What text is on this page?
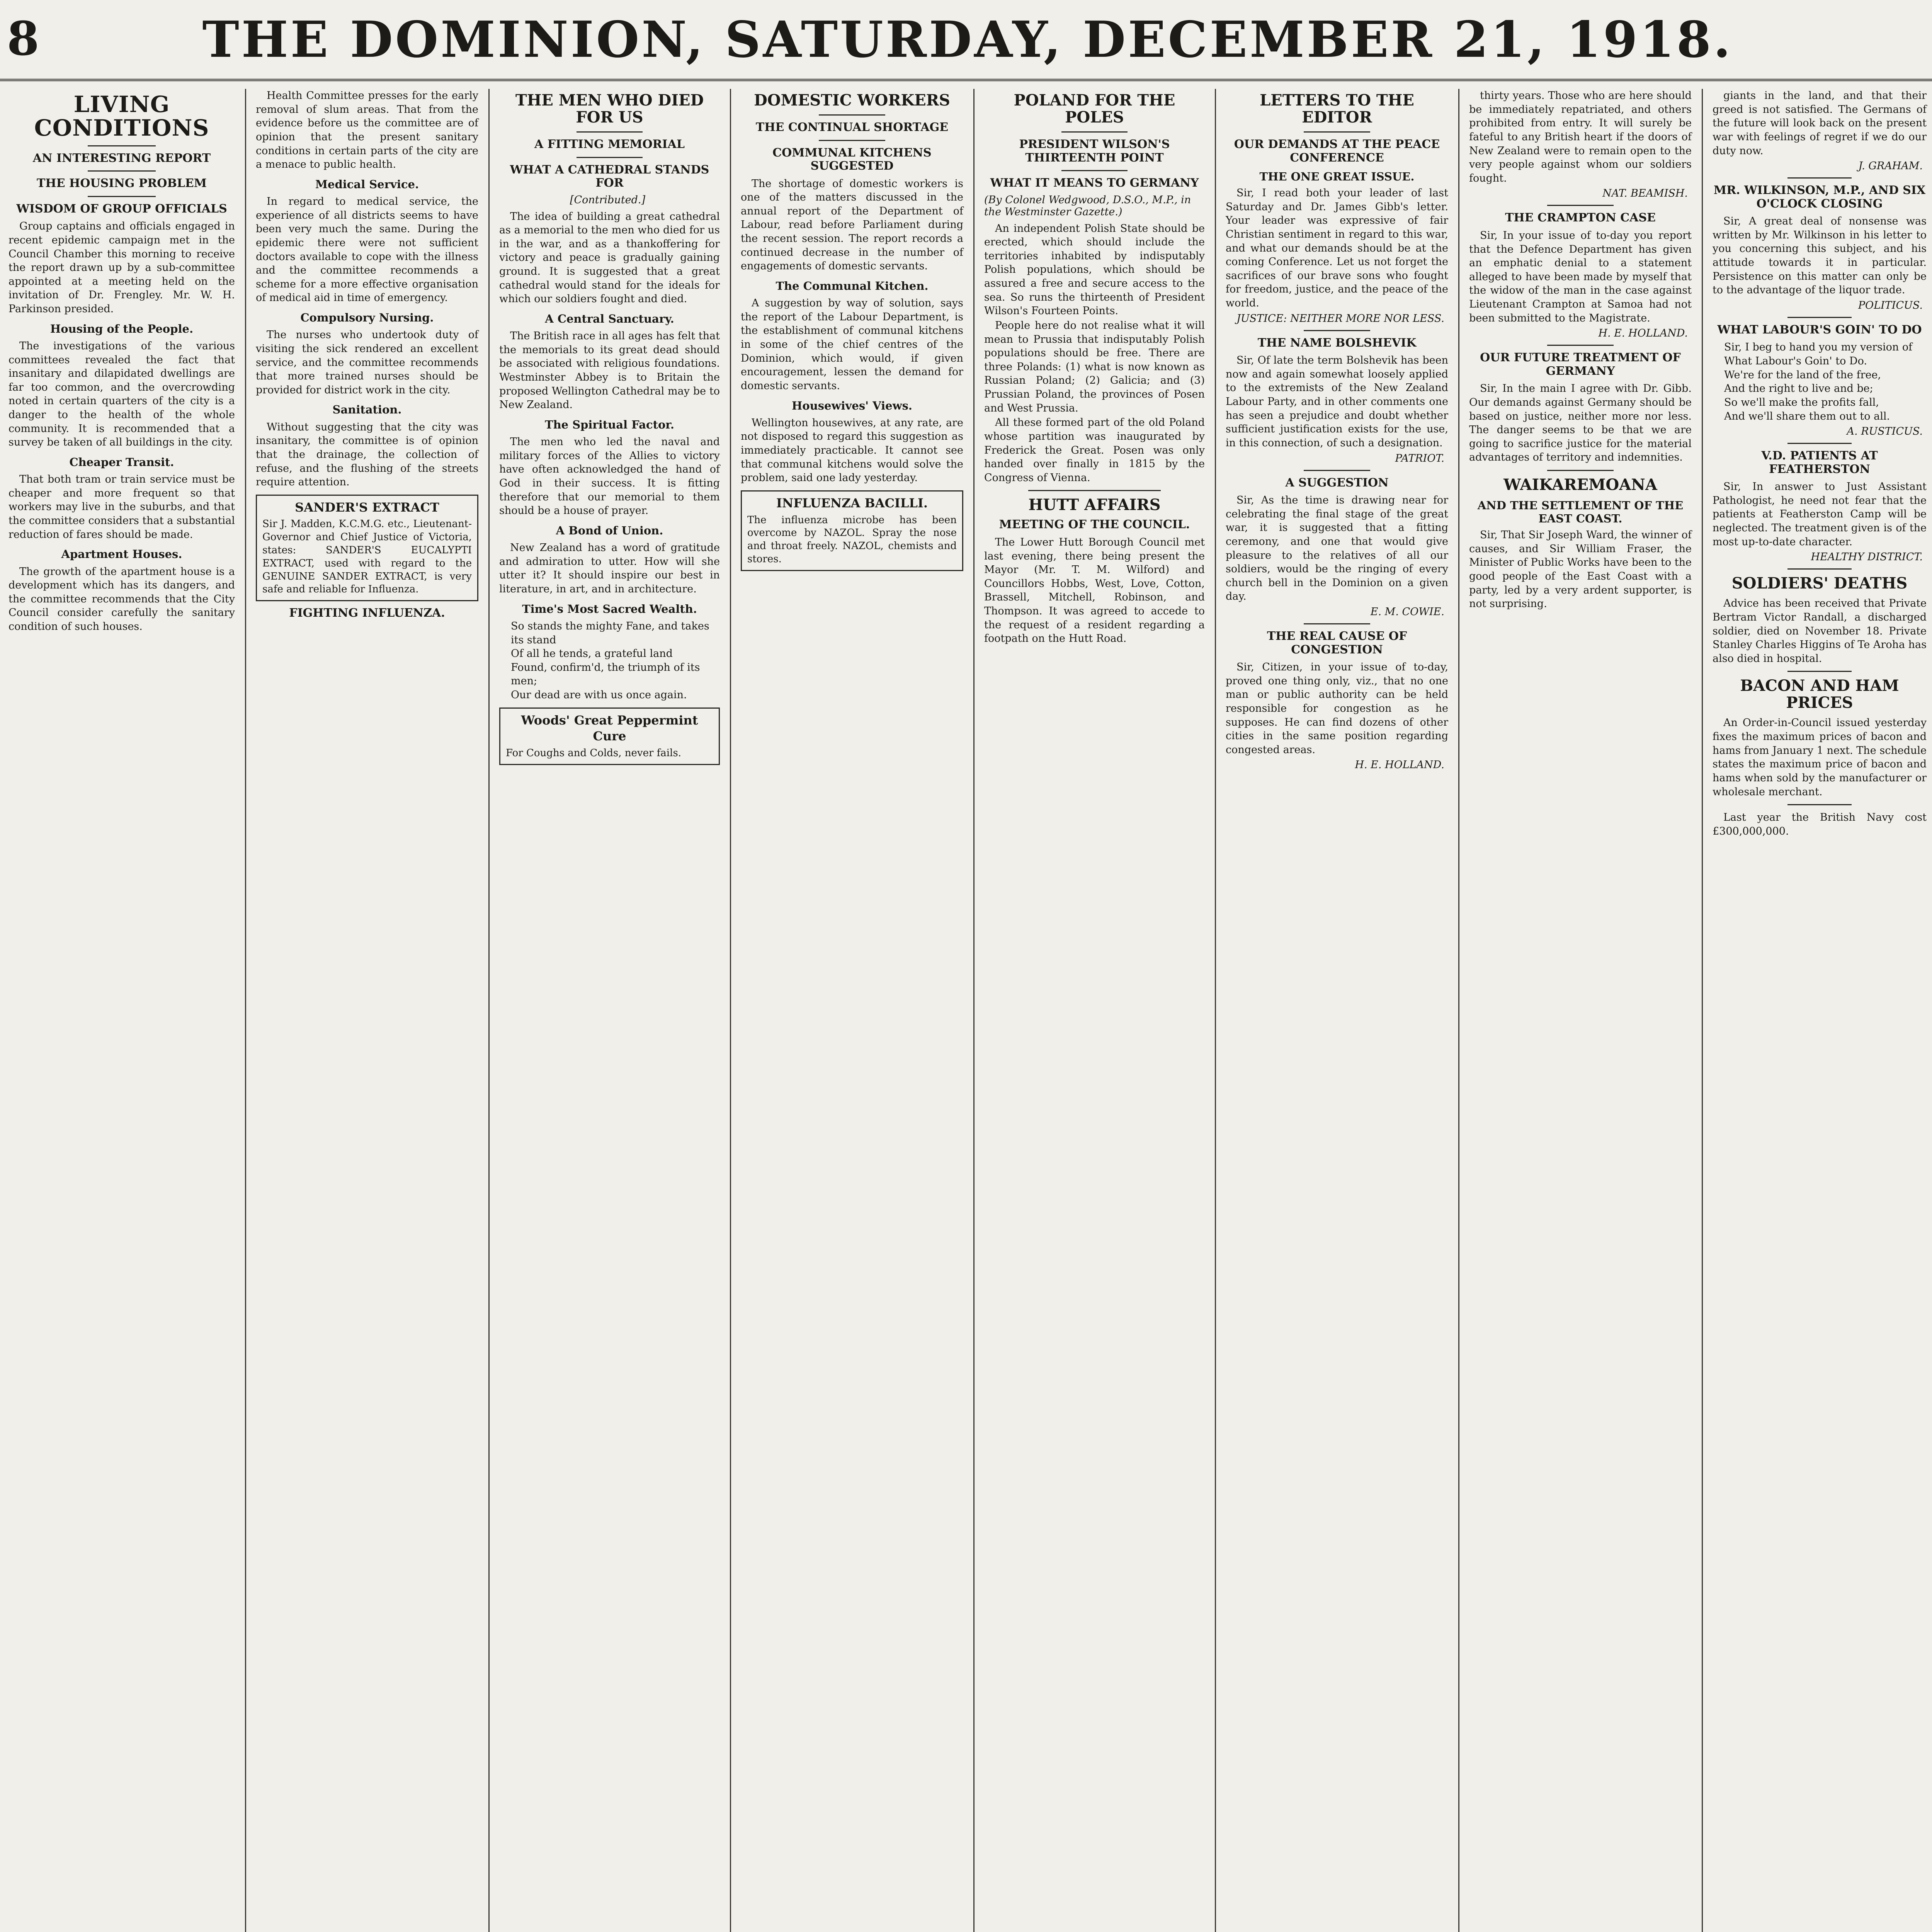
8	THE DOMINION, SATURDAY, DECEMBER 21, 1918.
LIVING CONDITIONS
AN INTERESTING REPORT
THE HOUSING PROBLEM
WISDOM OF GROUP OFFICIALS

Group captains and officials engaged in recent epidemic campaign met in the Council Chamber this morning to receive the report drawn up by a sub-committee appointed at a meeting held on the invitation of Dr. Frengley. Mr. W. H. Parkinson presided.

Housing of the People.

The investigations of the various committees revealed the fact that insanitary and dilapidated dwellings are far too common, and the overcrowding noted in certain quarters of the city is a danger to the health of the whole community. It is recommended that a survey be taken of all buildings in the city.

Cheaper Transit.

That both tram or train service must be cheaper and more frequent so that workers may live in the suburbs, and that the committee considers that a substantial reduction of fares should be made.

Apartment Houses.

The growth of the apartment house is a development which has its dangers, and the committee recommends that the City Council consider carefully the sanitary condition of such houses.

Health Committee presses for the early removal of slum areas. That from the evidence before us the committee are of opinion that the present sanitary conditions in certain parts of the city are a menace to public health.

Medical Service.

In regard to medical service, the experience of all districts seems to have been very much the same. During the epidemic there were not sufficient doctors available to cope with the illness and the committee recommends a scheme for a more effective organisation of medical aid in time of emergency.

Compulsory Nursing.

The nurses who undertook duty of visiting the sick rendered an excellent service, and the committee recommends that more trained nurses should be provided for district work in the city.

Sanitation.

Without suggesting that the city was insanitary, the committee is of opinion that the drainage, the collection of refuse, and the flushing of the streets require attention.

SANDER'S EXTRACT
Sir J. Madden, K.C.M.G. etc., Lieutenant-Governor and Chief Justice of Victoria, states: SANDER'S EUCALYPTI EXTRACT, used with regard to the GENUINE SANDER EXTRACT, is very safe and reliable for Influenza.
FIGHTING INFLUENZA.
THE MEN WHO DIED FOR US
A FITTING MEMORIAL
WHAT A CATHEDRAL STANDS FOR
[Contributed.]

The idea of building a great cathedral as a memorial to the men who died for us in the war, and as a thankoffering for victory and peace is gradually gaining ground. It is suggested that a great cathedral would stand for the ideals for which our soldiers fought and died.

A Central Sanctuary.

The British race in all ages has felt that the memorials to its great dead should be associated with religious foundations. Westminster Abbey is to Britain the proposed Wellington Cathedral may be to New Zealand.

The Spiritual Factor.

The men who led the naval and military forces of the Allies to victory have often acknowledged the hand of God in their success. It is fitting therefore that our memorial to them should be a house of prayer.

A Bond of Union.

New Zealand has a word of gratitude and admiration to utter. How will she utter it? It should inspire our best in literature, in art, and in architecture.

Time's Most Sacred Wealth.
So stands the mighty Fane, and takes its stand
Of all he tends, a grateful land
Found, confirm'd, the triumph of its men;
Our dead are with us once again.
Woods' Great Peppermint Cure
For Coughs and Colds, never fails.
DOMESTIC WORKERS
THE CONTINUAL SHORTAGE
COMMUNAL KITCHENS SUGGESTED

The shortage of domestic workers is one of the matters discussed in the annual report of the Department of Labour, read before Parliament during the recent session. The report records a continued decrease in the number of engagements of domestic servants.

The Communal Kitchen.

A suggestion by way of solution, says the report of the Labour Department, is the establishment of communal kitchens in some of the chief centres of the Dominion, which would, if given encouragement, lessen the demand for domestic servants.

Housewives' Views.

Wellington housewives, at any rate, are not disposed to regard this suggestion as immediately practicable. It cannot see that communal kitchens would solve the problem, said one lady yesterday.

INFLUENZA BACILLI.
The influenza microbe has been overcome by NAZOL. Spray the nose and throat freely. NAZOL, chemists and stores.
POLAND FOR THE POLES
PRESIDENT WILSON'S THIRTEENTH POINT
WHAT IT MEANS TO GERMANY
(By Colonel Wedgwood, D.S.O., M.P., in the Westminster Gazette.)

An independent Polish State should be erected, which should include the territories inhabited by indisputably Polish populations, which should be assured a free and secure access to the sea. So runs the thirteenth of President Wilson's Fourteen Points.

People here do not realise what it will mean to Prussia that indisputably Polish populations should be free. There are three Polands: (1) what is now known as Russian Poland; (2) Galicia; and (3) Prussian Poland, the provinces of Posen and West Prussia.

All these formed part of the old Poland whose partition was inaugurated by Frederick the Great. Posen was only handed over finally in 1815 by the Congress of Vienna.

HUTT AFFAIRS
MEETING OF THE COUNCIL.

The Lower Hutt Borough Council met last evening, there being present the Mayor (Mr. T. M. Wilford) and Councillors Hobbs, West, Love, Cotton, Brassell, Mitchell, Robinson, and Thompson. It was agreed to accede to the request of a resident regarding a footpath on the Hutt Road.

LETTERS TO THE EDITOR
OUR DEMANDS AT THE PEACE CONFERENCE
THE ONE GREAT ISSUE.

Sir, I read both your leader of last Saturday and Dr. James Gibb's letter. Your leader was expressive of fair Christian sentiment in regard to this war, and what our demands should be at the coming Conference. Let us not forget the sacrifices of our brave sons who fought for freedom, justice, and the peace of the world.

JUSTICE: NEITHER MORE NOR LESS.
THE NAME BOLSHEVIK

Sir, Of late the term Bolshevik has been now and again somewhat loosely applied to the extremists of the New Zealand Labour Party, and in other comments one has seen a prejudice and doubt whether sufficient justification exists for the use, in this connection, of such a designation.

PATRIOT.
A SUGGESTION

Sir, As the time is drawing near for celebrating the final stage of the great war, it is suggested that a fitting ceremony, and one that would give pleasure to the relatives of all our soldiers, would be the ringing of every church bell in the Dominion on a given day.

E. M. COWIE.
THE REAL CAUSE OF CONGESTION

Sir, Citizen, in your issue of to-day, proved one thing only, viz., that no one man or public authority can be held responsible for congestion as he supposes. He can find dozens of other cities in the same position regarding congested areas.

H. E. HOLLAND.

thirty years. Those who are here should be immediately repatriated, and others prohibited from entry. It will surely be fateful to any British heart if the doors of New Zealand were to remain open to the very people against whom our soldiers fought.

NAT. BEAMISH.
THE CRAMPTON CASE

Sir, In your issue of to-day you report that the Defence Department has given an emphatic denial to a statement alleged to have been made by myself that the widow of the man in the case against Lieutenant Crampton at Samoa had not been submitted to the Magistrate.

H. E. HOLLAND.
OUR FUTURE TREATMENT OF GERMANY

Sir, In the main I agree with Dr. Gibb. Our demands against Germany should be based on justice, neither more nor less. The danger seems to be that we are going to sacrifice justice for the material advantages of territory and indemnities.

WAIKAREMOANA
AND THE SETTLEMENT OF THE EAST COAST.

Sir, That Sir Joseph Ward, the winner of causes, and Sir William Fraser, the Minister of Public Works have been to the good people of the East Coast with a party, led by a very ardent supporter, is not surprising.

giants in the land, and that their greed is not satisfied. The Germans of the future will look back on the present war with feelings of regret if we do our duty now.

J. GRAHAM.
MR. WILKINSON, M.P., AND SIX O'CLOCK CLOSING

Sir, A great deal of nonsense was written by Mr. Wilkinson in his letter to you concerning this subject, and his attitude towards it in particular. Persistence on this matter can only be to the advantage of the liquor trade.

POLITICUS.
WHAT LABOUR'S GOIN' TO DO
Sir, I beg to hand you my version of What Labour's Goin' to Do.
We're for the land of the free,
And the right to live and be;
So we'll make the profits fall,
And we'll share them out to all.
A. RUSTICUS.
V.D. PATIENTS AT FEATHERSTON

Sir, In answer to Just Assistant Pathologist, he need not fear that the patients at Featherston Camp will be neglected. The treatment given is of the most up-to-date character.

HEALTHY DISTRICT.
SOLDIERS' DEATHS

Advice has been received that Private Bertram Victor Randall, a discharged soldier, died on November 18. Private Stanley Charles Higgins of Te Aroha has also died in hospital.

BACON AND HAM PRICES

An Order-in-Council issued yesterday fixes the maximum prices of bacon and hams from January 1 next. The schedule states the maximum price of bacon and hams when sold by the manufacturer or wholesale merchant.

Last year the British Navy cost £300,000,000.
